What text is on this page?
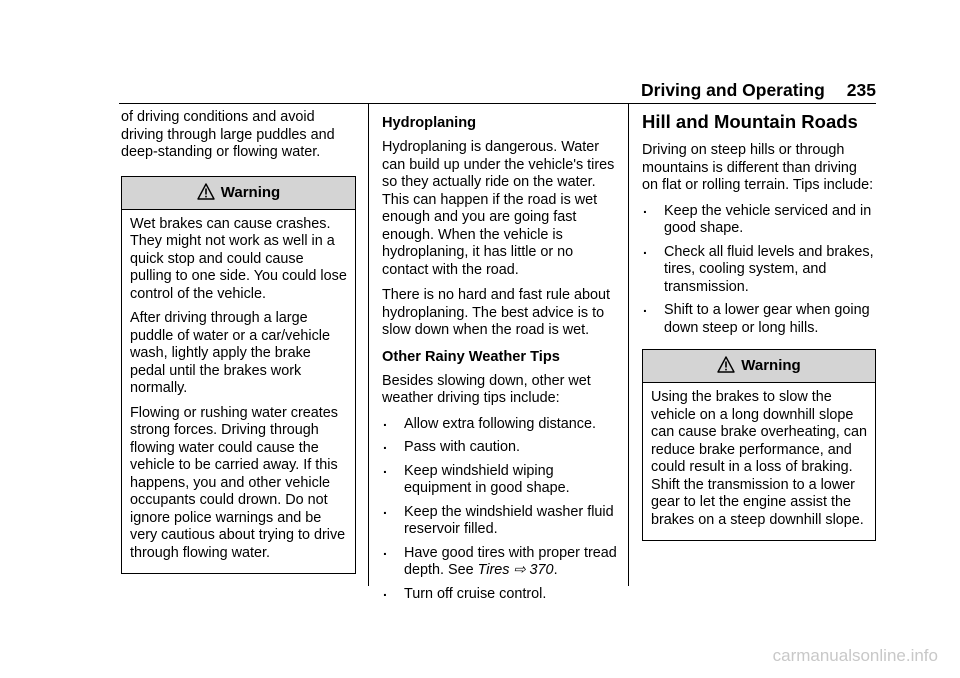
Driving and Operating 235

of driving conditions and avoid driving through large puddles and deep-standing or flowing water.

Warning

Wet brakes can cause crashes. They might not work as well in a quick stop and could cause pulling to one side. You could lose control of the vehicle.

After driving through a large puddle of water or a car/vehicle wash, lightly apply the brake pedal until the brakes work normally.

Flowing or rushing water creates strong forces. Driving through flowing water could cause the vehicle to be carried away. If this happens, you and other vehicle occupants could drown. Do not ignore police warnings and be very cautious about trying to drive through flowing water.

Hydroplaning

Hydroplaning is dangerous. Water can build up under the vehicle's tires so they actually ride on the water. This can happen if the road is wet enough and you are going fast enough. When the vehicle is hydroplaning, it has little or no contact with the road.

There is no hard and fast rule about hydroplaning. The best advice is to slow down when the road is wet.

Other Rainy Weather Tips

Besides slowing down, other wet weather driving tips include:

. Allow extra following distance.
. Pass with caution.
. Keep windshield wiping equipment in good shape.
. Keep the windshield washer fluid reservoir filled.
. Have good tires with proper tread depth. See Tires ⇨ 370.
. Turn off cruise control.
Hill and Mountain Roads

Driving on steep hills or through mountains is different than driving on flat or rolling terrain. Tips include:

. Keep the vehicle serviced and in good shape.
. Check all fluid levels and brakes, tires, cooling system, and transmission.
. Shift to a lower gear when going down steep or long hills.
Warning

Using the brakes to slow the vehicle on a long downhill slope can cause brake overheating, can reduce brake performance, and could result in a loss of braking. Shift the transmission to a lower gear to let the engine assist the brakes on a steep downhill slope.

carmanualsonline.info
